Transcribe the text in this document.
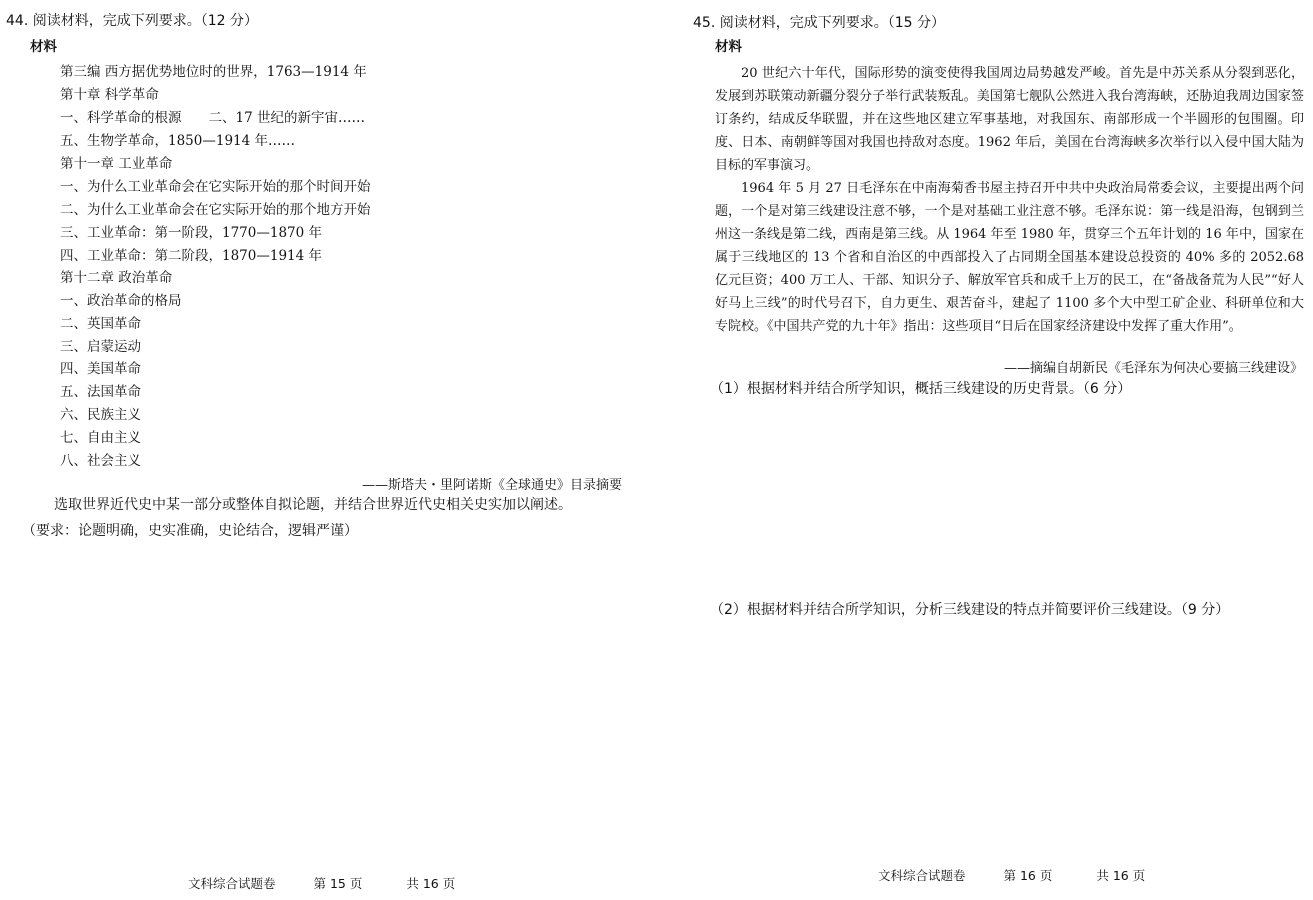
44. 阅读材料，完成下列要求。（12 分）
材料
第三编 西方据优势地位时的世界，1763—1914 年
第十章 科学革命
一、科学革命的根源　　二、17 世纪的新宇宙……
五、生物学革命，1850—1914 年……
第十一章 工业革命
一、为什么工业革命会在它实际开始的那个时间开始
二、为什么工业革命会在它实际开始的那个地方开始
三、工业革命：第一阶段，1770—1870 年
四、工业革命：第二阶段，1870—1914 年
第十二章 政治革命
一、政治革命的格局
二、英国革命
三、启蒙运动
四、美国革命
五、法国革命
六、民族主义
七、自由主义
八、社会主义
——斯塔夫・里阿诺斯《全球通史》目录摘要
选取世界近代史中某一部分或整体自拟论题，并结合世界近代史相关史实加以阐述。
（要求：论题明确，史实准确，史论结合，逻辑严谨）
文科综合试题卷	第 15 页	共 16 页
45. 阅读材料，完成下列要求。（15 分）
材料

20 世纪六十年代，国际形势的演变使得我国周边局势越发严峻。首先是中苏关系从分裂到恶化，发展到苏联策动新疆分裂分子举行武装叛乱。美国第七舰队公然进入我台湾海峡，还胁迫我周边国家签订条约，结成反华联盟，并在这些地区建立军事基地，对我国东、南部形成一个半圆形的包围圈。印度、日本、南朝鲜等国对我国也持敌对态度。1962 年后，美国在台湾海峡多次举行以入侵中国大陆为目标的军事演习。

1964 年 5 月 27 日毛泽东在中南海菊香书屋主持召开中共中央政治局常委会议，主要提出两个问题，一个是对第三线建设注意不够，一个是对基础工业注意不够。毛泽东说：第一线是沿海，包钢到兰州这一条线是第二线，西南是第三线。从 1964 年至 1980 年，贯穿三个五年计划的 16 年中，国家在属于三线地区的 13 个省和自治区的中西部投入了占同期全国基本建设总投资的 40% 多的 2052.68 亿元巨资；400 万工人、干部、知识分子、解放军官兵和成千上万的民工，在“备战备荒为人民”“好人好马上三线”的时代号召下，自力更生、艰苦奋斗，建起了 1100 多个大中型工矿企业、科研单位和大专院校。《中国共产党的九十年》指出：这些项目“日后在国家经济建设中发挥了重大作用”。

——摘编自胡新民《毛泽东为何决心要搞三线建设》
（1）根据材料并结合所学知识，概括三线建设的历史背景。（6 分）
（2）根据材料并结合所学知识，分析三线建设的特点并简要评价三线建设。（9 分）
文科综合试题卷	第 16 页	共 16 页
